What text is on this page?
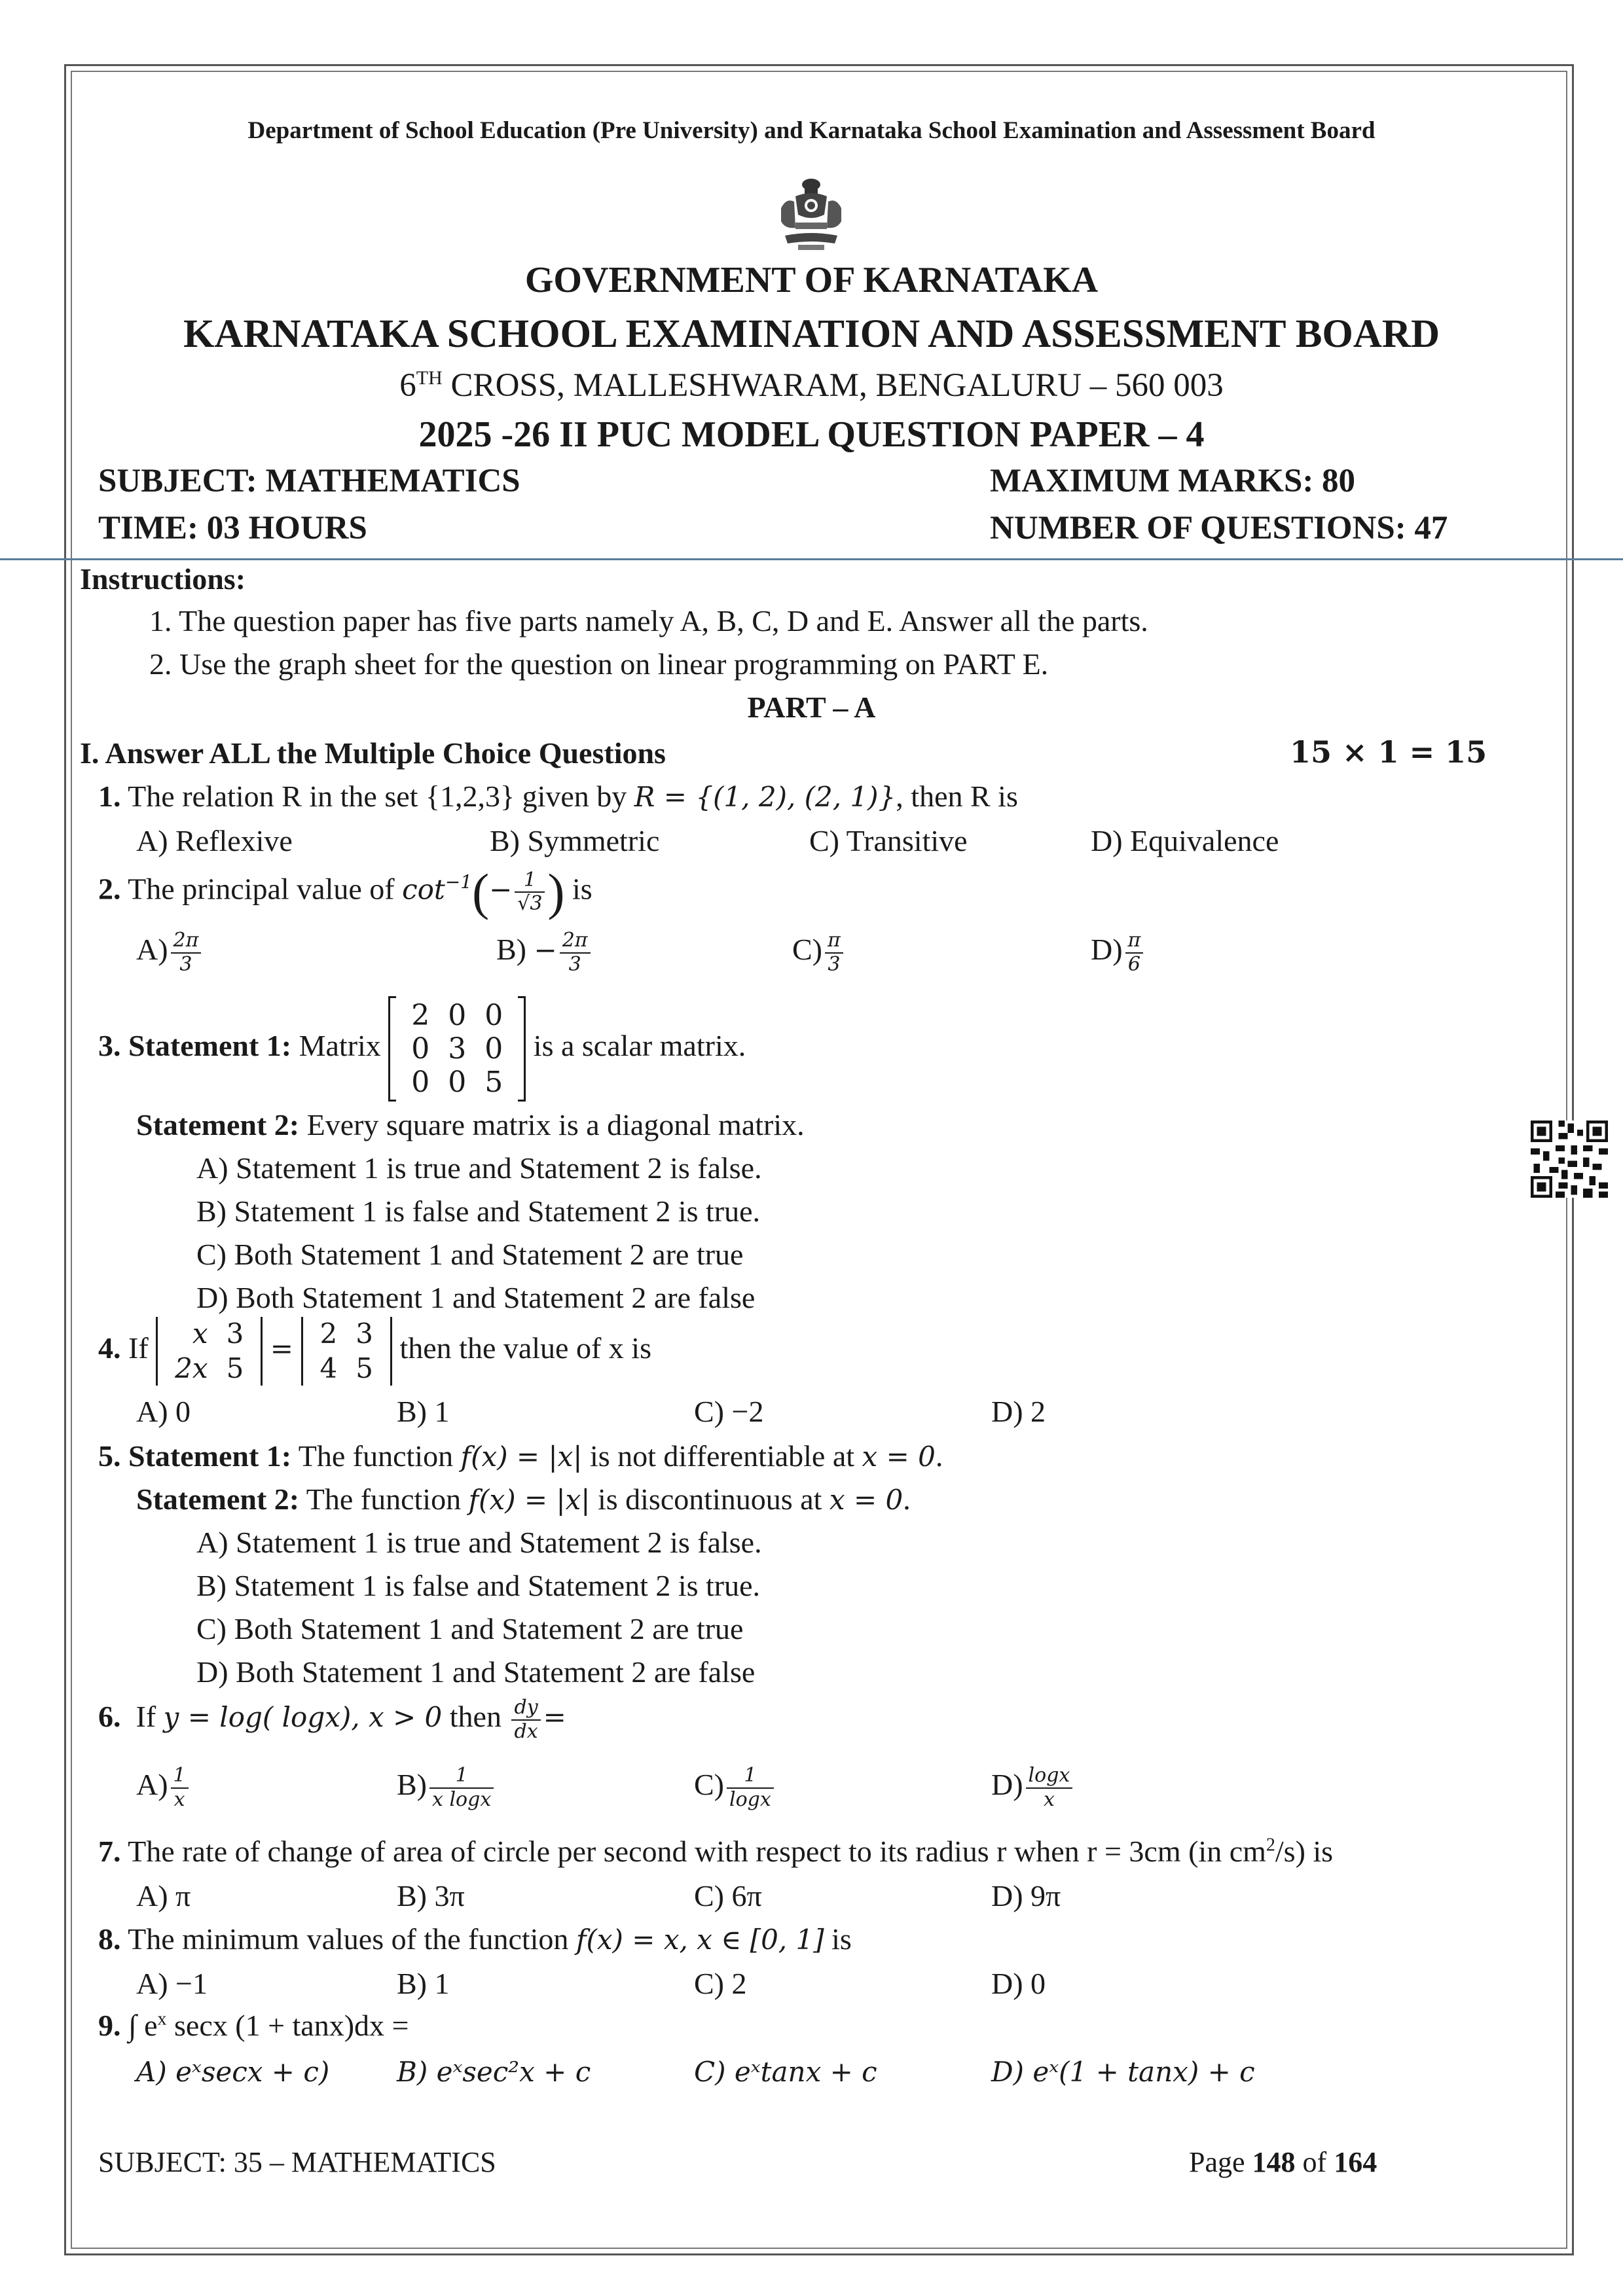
Department of School Education (Pre University) and Karnataka School Examination and Assessment Board
GOVERNMENT OF KARNATAKA
KARNATAKA SCHOOL EXAMINATION AND ASSESSMENT BOARD
6TH CROSS, MALLESHWARAM, BENGALURU – 560 003
2025 -26 II PUC MODEL QUESTION PAPER – 4
SUBJECT: MATHEMATICS	MAXIMUM MARKS: 80
TIME: 03 HOURS	NUMBER OF QUESTIONS: 47
Instructions:
1. The question paper has five parts namely A, B, C, D and E. Answer all the parts.
2. Use the graph sheet for the question on linear programming on PART E.
PART – A
I. Answer ALL the Multiple Choice Questions	15 × 1 = 15
1. The relation R in the set {1,2,3} given by R = {(1, 2), (2, 1)}, then R is
A) Reflexive	B) Symmetric	C) Transitive	D) Equivalence
2. The principal value of $\cot^{-1}(- \frac{1}{√3}$ ) is
$A) \frac{2\pi}{3}$	$B) - \frac{2\pi}{3}$	$C) \frac{\pi}{3}$	$D) \frac{\pi}{6}$
3. Statement 1: Matrix
2	0	0
0	3	0
0	0	5
is a scalar matrix.
Statement 2: Every square matrix is a diagonal matrix.
A) Statement 1 is true and Statement 2 is false.
B) Statement 1 is false and Statement 2 is true.
C) Both Statement 1 and Statement 2 are true
D) Both Statement 1 and Statement 2 are false
4. If x	3
2x	5
= 2	3
4	5
then the value of x is
A) 0	B) 1	C) −2	D) 2
5. Statement 1: The function f(x) = |x| is not differentiable at x = 0.
Statement 2: The function f(x) = |x| is discontinuous at x = 0.
A) Statement 1 is true and Statement 2 is false.
B) Statement 1 is false and Statement 2 is true.
C) Both Statement 1 and Statement 2 are true
D) Both Statement 1 and Statement 2 are false
6. If y = log( logx), x > 0 then $\frac{dy}{dx}$ =
$A) \frac{1}{x}$	$B) \frac{1}{\text{x logx}}$	$C) \frac{1}{\log x}$	$D) \frac{\log x}{x}$
7. The rate of change of area of circle per second with respect to its radius r when r = 3cm (in $cm^2/s$) is
A) π	B) 3π	C) 6π	D) 9π
8. The minimum values of the function f(x) = x, x ∈ [0, 1] is
A) −1	B) 1	C) 2	D) 0
9. ∫ $e^x$ secx (1 + tanx)dx =
A) eˣsecx + c) B) eˣsec²x + c	C) eˣtanx + c	D) eˣ(1 + tanx) + c
SUBJECT: 35 – MATHEMATICS	Page 148 of 164
